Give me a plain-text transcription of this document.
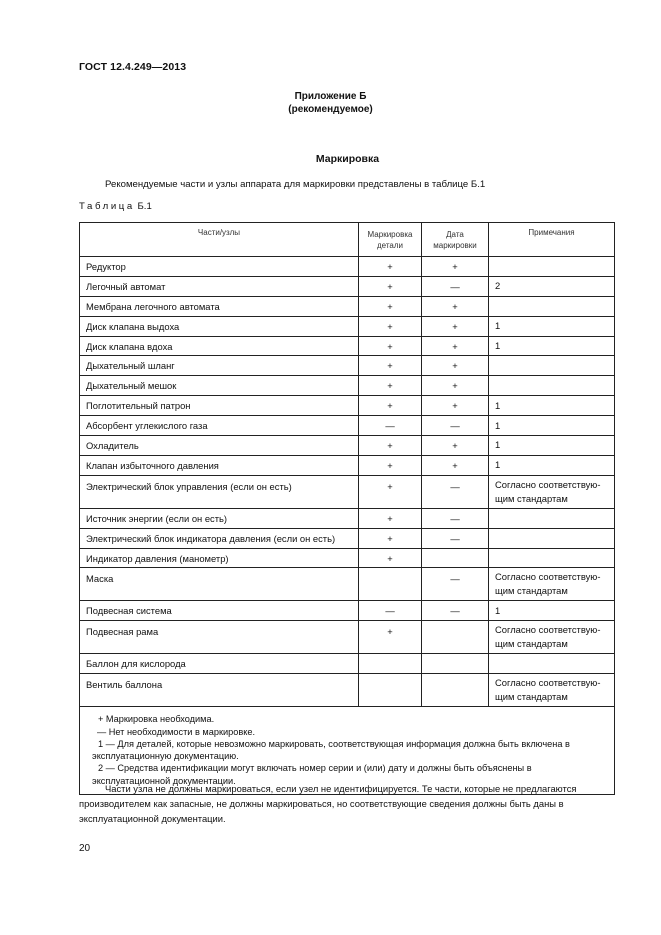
ГОСТ 12.4.249—2013
Приложение Б
(рекомендуемое)
Маркировка
Рекомендуемые части и узлы аппарата для маркировки представлены в таблице Б.1
Таблица Б.1
Части/узлы	Маркировка детали	Дата маркировки	Примечания
Редуктор	+	+	
Легочный автомат	+	—	2
Мембрана легочного автомата	+	+	
Диск клапана выдоха	+	+	1
Диск клапана вдоха	+	+	1
Дыхательный шланг	+	+	
Дыхательный мешок	+	+	
Поглотительный патрон	+	+	1
Абсорбент углекислого газа	—	—	1
Охладитель	+	+	1
Клапан избыточного давления	+	+	1
Электрический блок управления (если он есть)	+	—	Согласно соответствую-щим стандартам
Источник энергии (если он есть)	+	—	
Электрический блок индикатора давления (если он есть)	+	—	
Индикатор давления (манометр)	+		
Маска		—	Согласно соответствую-щим стандартам
Подвесная система	—	—	1
Подвесная рама	+		Согласно соответствую-щим стандартам
Баллон для кислорода			
Вентиль баллона			Согласно соответствую-щим стандартам

+ Маркировка необходима.
— Нет необходимости в маркировке.
1 — Для деталей, которые невозможно маркировать, соответствующая информация должна быть включена в эксплуатационную документацию.
2 — Средства идентификации могут включать номер серии и (или) дату и должны быть объяснены в эксплуатационной документации.			
Части узла не должны маркироваться, если узел не идентифицируется. Те части, которые не предлагаются производителем как запасные, не должны маркироваться, но соответствующие сведения должны быть даны в эксплуатационной документации.
20
